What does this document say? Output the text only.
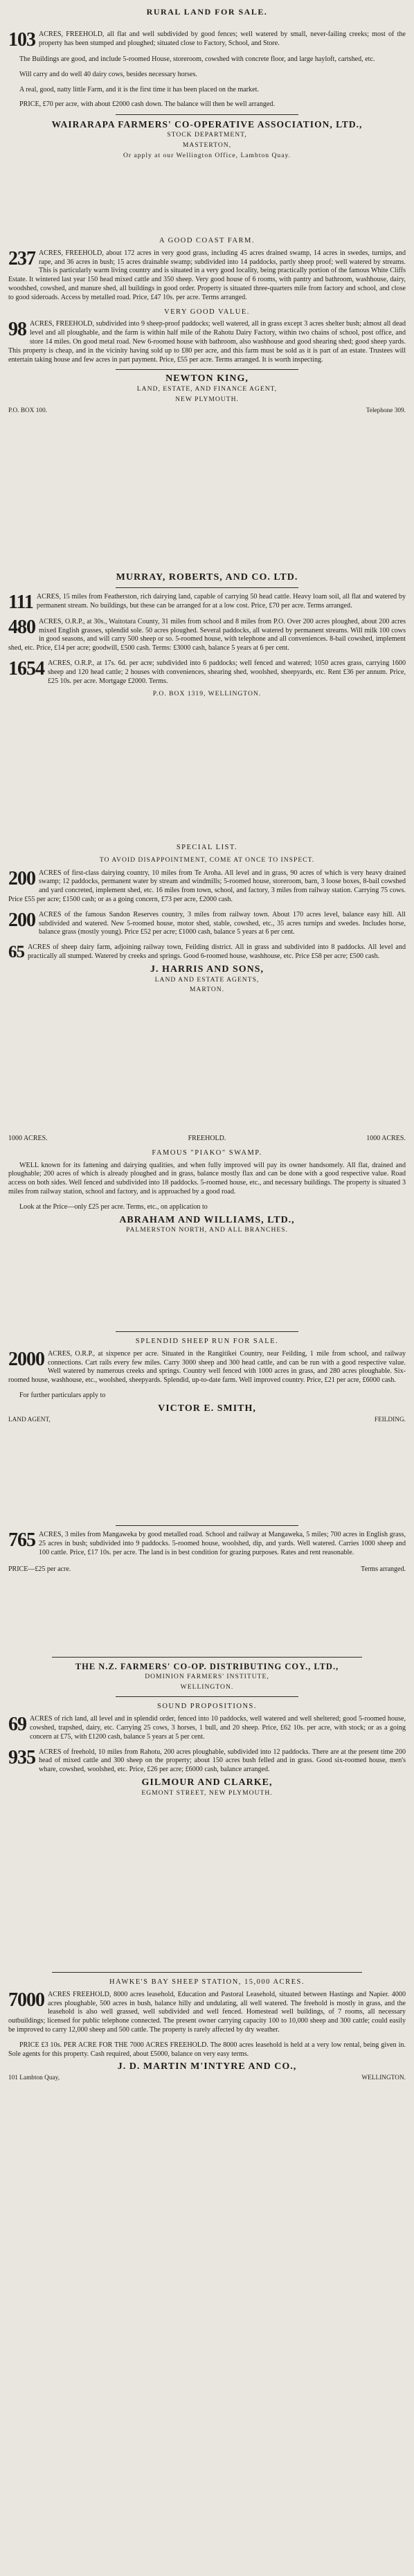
RURAL LAND FOR SALE.
103 ACRES, FREEHOLD, all flat and well subdivided by good fences; well watered by small, never-failing creeks; most of the property has been stumped and ploughed; situated close to Factory, School, and Store.
The Buildings are good, and include 5-roomed House, storeroom, cowshed with concrete floor, and large hayloft, cartshed, etc.
Will carry and do well 40 dairy cows, besides necessary horses.
A real, good, natty little Farm, and it is the first time it has been placed on the market.
PRICE, £70 per acre, with about £2000 cash down. The balance will then be well arranged.
WAIRARAPA FARMERS' CO-OPERATIVE ASSOCIATION, LTD.,
STOCK DEPARTMENT,
MASTERTON,
Or apply at our Wellington Office, Lambton Quay.
A GOOD COAST FARM.
237 ACRES, FREEHOLD, about 172 acres in very good grass, including 45 acres drained swamp, 14 acres in swedes, turnips, and rape, and 36 acres in bush; 15 acres drainable swamp; subdivided into 14 paddocks, partly sheep proof; well watered by streams. This is particularly warm living country and is situated in a very good locality, being practically portion of the famous White Cliffs Estate. It wintered last year 150 head mixed cattle and 350 sheep. Very good house of 6 rooms, with pantry and bathroom, washhouse, dairy, woodshed, cowshed, and manure shed, all buildings in good order. Property is situated three-quarters mile from factory and school, and close to good sideroads. Access by metalled road. Price, £47 10s. per acre. Terms arranged.
VERY GOOD VALUE.
98 ACRES, FREEHOLD, subdivided into 9 sheep-proof paddocks; well watered, all in grass except 3 acres shelter bush; almost all dead level and all ploughable, and the farm is within half mile of the Rahotu Dairy Factory, within two chains of school, post office, and store 14 miles. On good metal road. New 6-roomed house with bathroom, also washhouse and good shearing shed; good sheep yards. This property is cheap, and in the vicinity having sold up to £80 per acre, and this farm must be sold as it is part of an estate. Trustees will entertain taking house and few acres in part payment. Price, £55 per acre. Terms arranged. It is worth inspecting.
NEWTON KING,
LAND, ESTATE, AND FINANCE AGENT,
NEW PLYMOUTH.
P.O. BOX 100.	Telephone 309.
MURRAY, ROBERTS, AND CO. LTD.
111 ACRES, 15 miles from Featherston, rich dairying land, capable of carrying 50 head cattle. Heavy loam soil, all flat and watered by permanent stream. No buildings, but these can be arranged for at a low cost. Price, £70 per acre. Terms arranged.
480 ACRES, O.R.P., at 30s., Waitotara County, 31 miles from school and 8 miles from P.O. Over 200 acres ploughed, about 200 acres mixed English grasses, splendid sole. 50 acres ploughed. Several paddocks, all watered by permanent streams. Will milk 100 cows in good seasons, and will carry 500 sheep or so. 5-roomed house, with telephone and all conveniences. 8-bail cowshed, implement shed, etc. Price, £14 per acre; goodwill, £500 cash. Terms: £3000 cash, balance 5 years at 6 per cent.
1654 ACRES, O.R.P., at 17s. 6d. per acre; subdivided into 6 paddocks; well fenced and watered; 1050 acres grass, carrying 1600 sheep and 120 head cattle; 2 houses with conveniences, shearing shed, woolshed, sheepyards, etc. Rent £36 per annum. Price, £25 10s. per acre. Mortgage £2000. Terms.
P.O. BOX 1319, WELLINGTON.
SPECIAL LIST.
TO AVOID DISAPPOINTMENT, COME AT ONCE TO INSPECT.
200 ACRES of first-class dairying country, 10 miles from Te Aroha. All level and in grass, 90 acres of which is very heavy drained swamp; 12 paddocks, permanent water by stream and windmills; 5-roomed house, storeroom, barn, 3 loose boxes, 8-bail cowshed and yard concreted, implement shed, etc. 16 miles from town, school, and factory, 3 miles from railway station. Carrying 75 cows. Price £55 per acre; £1500 cash; or as a going concern, £73 per acre, £2000 cash.
200 ACRES of the famous Sandon Reserves country, 3 miles from railway town. About 170 acres level, balance easy hill. All subdivided and watered. New 5-roomed house, motor shed, stable, cowshed, etc., 35 acres turnips and swedes. Includes horse, balance grass (mostly young). Price £52 per acre; £1000 cash, balance 5 years at 6 per cent.
65 ACRES of sheep dairy farm, adjoining railway town, Feilding district. All in grass and subdivided into 8 paddocks. All level and practically all stumped. Watered by creeks and springs. Good 6-roomed house, washhouse, etc. Price £58 per acre; £500 cash.
J. HARRIS AND SONS,
LAND AND ESTATE AGENTS,
MARTON.
1000 ACRES.	FREEHOLD.	1000 ACRES.
FAMOUS "PIAKO" SWAMP.
WELL known for its fattening and dairying qualities, and when fully improved will pay its owner handsomely. All flat, drained and ploughable; 200 acres of which is already ploughed and in grass, balance mostly flax and can be done with a good respective value. Road access on both sides. Well fenced and subdivided into 18 paddocks. 5-roomed house, etc., and necessary buildings. The property is situated 3 miles from railway station, school and factory, and is approached by a good road.
Look at the Price—only £25 per acre. Terms, etc., on application to
ABRAHAM AND WILLIAMS, LTD.,
PALMERSTON NORTH, AND ALL BRANCHES.
SPLENDID SHEEP RUN FOR SALE.
2000 ACRES, O.R.P., at sixpence per acre. Situated in the Rangitikei Country, near Feilding, 1 mile from school, and railway connections. Cart rails every few miles. Carry 3000 sheep and 300 head cattle, and can be run with a good respective value. Well watered by numerous creeks and springs. Country well fenced with 1000 acres in grass, and 280 acres ploughable. Six-roomed house, washhouse, etc., woolshed, sheepyards. Splendid, up-to-date farm. Well improved country. Price, £21 per acre, £6000 cash.
For further particulars apply to
VICTOR E. SMITH,
LAND AGENT,	FEILDING.
765 ACRES, 3 miles from Mangaweka by good metalled road. School and railway at Mangaweka, 5 miles; 700 acres in English grass, 25 acres in bush; subdivided into 9 paddocks. 5-roomed house, woolshed, dip, and yards. Well watered. Carries 1000 sheep and 100 cattle. Price, £17 10s. per acre. The land is in best condition for grazing purposes. Rates and rent reasonable.
PRICE—£25 per acre.	Terms arranged.
THE N.Z. FARMERS' CO-OP. DISTRIBUTING COY., LTD.,
DOMINION FARMERS' INSTITUTE,
WELLINGTON.
SOUND PROPOSITIONS.
69 ACRES of rich land, all level and in splendid order, fenced into 10 paddocks, well watered and well sheltered; good 5-roomed house, cowshed, trapshed, dairy, etc. Carrying 25 cows, 3 horses, 1 bull, and 20 sheep. Price, £62 10s. per acre, with stock; or as a going concern at £75, with £1200 cash, balance 5 years at 5 per cent.
935 ACRES of freehold, 10 miles from Rahotu, 200 acres ploughable, subdivided into 12 paddocks. There are at the present time 200 head of mixed cattle and 300 sheep on the property; about 150 acres bush felled and in grass. Good six-roomed house, men's whare, cowshed, woolshed, etc. Price, £26 per acre; £6000 cash, balance arranged.
GILMOUR AND CLARKE,
EGMONT STREET, NEW PLYMOUTH.
HAWKE'S BAY SHEEP STATION, 15,000 ACRES.
7000 ACRES FREEHOLD, 8000 acres leasehold, Education and Pastoral Leasehold, situated between Hastings and Napier. 4000 acres ploughable, 500 acres in bush, balance hilly and undulating, all well watered. The freehold is mostly in grass, and the leasehold is also well grassed, well subdivided and well fenced. Homestead well buildings, of 7 rooms, all necessary outbuildings; licensed for public telephone connected. The present owner carrying capacity 100 to 10,000 sheep and 300 cattle; could easily be improved to carry 12,000 sheep and 500 cattle. The property is rarely affected by dry weather.
PRICE £3 10s. PER ACRE FOR THE 7000 ACRES FREEHOLD. The 8000 acres leasehold is held at a very low rental, being given in. Sole agents for this property. Cash required, about £5000, balance on very easy terms.
J. D. MARTIN M'INTYRE AND CO.,
101 Lambton Quay,	WELLINGTON.
